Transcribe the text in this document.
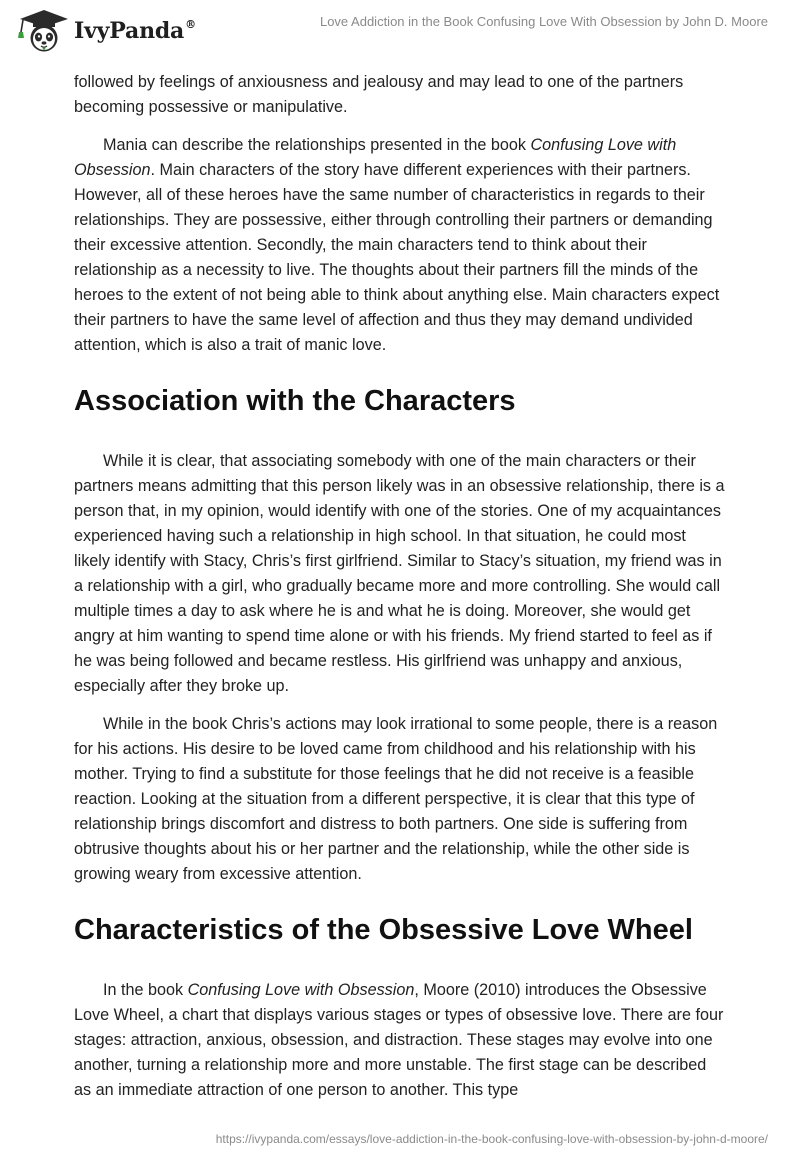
IvyPanda®	Love Addiction in the Book Confusing Love With Obsession by John D. Moore

followed by feelings of anxiousness and jealousy and may lead to one of the partners becoming possessive or manipulative.

Mania can describe the relationships presented in the book Confusing Love with Obsession. Main characters of the story have different experiences with their partners. However, all of these heroes have the same number of characteristics in regards to their relationships. They are possessive, either through controlling their partners or demanding their excessive attention. Secondly, the main characters tend to think about their relationship as a necessity to live. The thoughts about their partners fill the minds of the heroes to the extent of not being able to think about anything else. Main characters expect their partners to have the same level of affection and thus they may demand undivided attention, which is also a trait of manic love.

Association with the Characters

While it is clear, that associating somebody with one of the main characters or their partners means admitting that this person likely was in an obsessive relationship, there is a person that, in my opinion, would identify with one of the stories. One of my acquaintances experienced having such a relationship in high school. In that situation, he could most likely identify with Stacy, Chris’s first girlfriend. Similar to Stacy’s situation, my friend was in a relationship with a girl, who gradually became more and more controlling. She would call multiple times a day to ask where he is and what he is doing. Moreover, she would get angry at him wanting to spend time alone or with his friends. My friend started to feel as if he was being followed and became restless. His girlfriend was unhappy and anxious, especially after they broke up.

While in the book Chris’s actions may look irrational to some people, there is a reason for his actions. His desire to be loved came from childhood and his relationship with his mother. Trying to find a substitute for those feelings that he did not receive is a feasible reaction. Looking at the situation from a different perspective, it is clear that this type of relationship brings discomfort and distress to both partners. One side is suffering from obtrusive thoughts about his or her partner and the relationship, while the other side is growing weary from excessive attention.

Characteristics of the Obsessive Love Wheel

In the book Confusing Love with Obsession, Moore (2010) introduces the Obsessive Love Wheel, a chart that displays various stages or types of obsessive love. There are four stages: attraction, anxious, obsession, and distraction. These stages may evolve into one another, turning a relationship more and more unstable. The first stage can be described as an immediate attraction of one person to another. This type

https://ivypanda.com/essays/love-addiction-in-the-book-confusing-love-with-obsession-by-john-d-moore/
